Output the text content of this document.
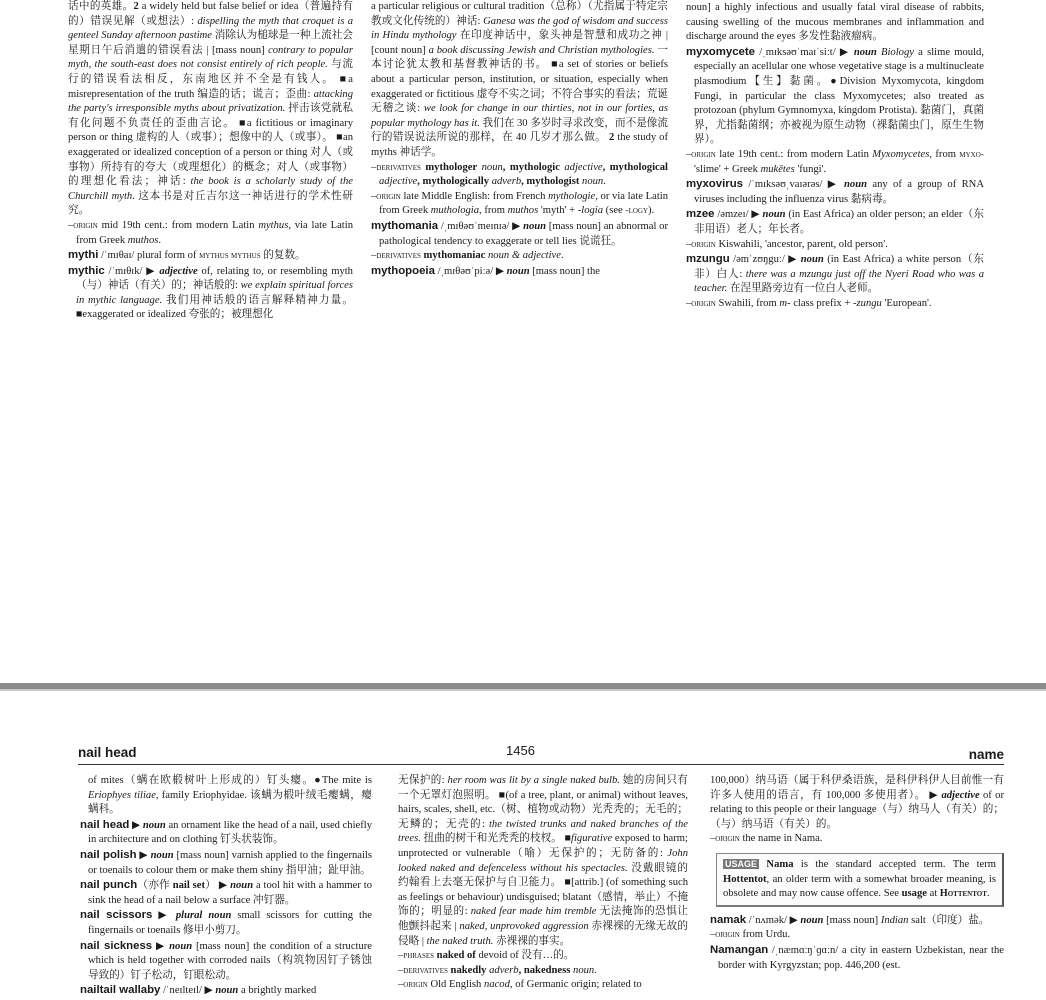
话中的英雄。2 a widely held but false belief or idea（普遍持有的）错误见解（或想法）: dispelling the myth that croquet is a genteel Sunday afternoon pastime 消除认为槌球是一种上流社会星期日午后消遣的错误看法 | [mass noun] contrary to popular myth, the south-east does not consist entirely of rich people. 与流行的错误看法相反，东南地区并不全是有钱人。 ■a misrepresentation of the truth 编造的话；谎言；歪曲: attacking the party's irresponsible myths about privatization. 抨击该党就私有化问题不负责任的歪曲言论。 ■a fictitious or imaginary person or thing 虚构的人（或事）；想像中的人（或事）。 ■an exaggerated or idealized conception of a person or thing 对人（或事物）所持有的夸大（或理想化）的概念；对人（或事物）的理想化看法；神话: the book is a scholarly study of the Churchill myth. 这本书是对丘吉尔这一神话进行的学术性研究。

–origin mid 19th cent.: from modern Latin mythus, via late Latin from Greek muthos.

mythi /ˈmɪθaɪ/ plural form of mythus mythus 的复数。

mythic /ˈmɪθɪk/ ▶ adjective of, relating to, or resembling myth（与）神话（有关）的；神话般的: we explain spiritual forces in mythic language. 我们用神话般的语言解释精神力量。 ■exaggerated or idealized 夸张的；被理想化

a particular religious or cultural tradition（总称）（尤指属于特定宗教或文化传统的）神话: Ganesa was the god of wisdom and success in Hindu mythology 在印度神话中，象头神是智慧和成功之神 | [count noun] a book discussing Jewish and Christian mythologies. 一本讨论犹太教和基督教神话的书。 ■a set of stories or beliefs about a particular person, institution, or situation, especially when exaggerated or fictitious 虚夸不实之词；不符合事实的看法；荒诞无稽之谈: we look for change in our thirties, not in our forties, as popular mythology has it. 我们在 30 多岁时寻求改变，而不是像流行的错误说法所说的那样，在 40 几岁才那么做。 2 the study of myths 神话学。

–derivatives mythologer noun, mythologic adjective, mythological adjective, mythologically adverb, mythologist noun.

–origin late Middle English: from French mythologie, or via late Latin from Greek muthologia, from muthos 'myth' + -logia (see -logy).

mythomania /ˌmɪθəʊˈmeɪnɪə/ ▶ noun [mass noun] an abnormal or pathological tendency to exaggerate or tell lies 说谎狂。

–derivatives mythomaniac noun & adjective.

mythopoeia /ˌmɪθəʊˈpiːə/ ▶ noun [mass noun] the

noun] a highly infectious and usually fatal viral disease of rabbits, causing swelling of the mucous membranes and inflammation and discharge around the eyes 多发性黏液瘤病。

myxomycete /ˌmɪksəʊˈmaɪˈsiːt/ ▶ noun Biology a slime mould, especially an acellular one whose vegetative stage is a multinucleate plasmodium【生】黏菌。●Division Myxomycota, kingdom Fungi, in particular the class Myxomycetes; also treated as protozoan (phylum Gymnomyxa, kingdom Protista). 黏菌门，真菌界，尤指黏菌纲；亦被视为原生动物（裸黏菌虫门，原生生物界）。

–origin late 19th cent.: from modern Latin Myxomycetes, from myxo- 'slime' + Greek mukētes 'fungi'.

myxovirus /ˈmɪksəʊˌvaɪərəs/ ▶ noun any of a group of RNA viruses including the influenza virus 黏病毒。

mzee /əmzeɪ/ ▶ noun (in East Africa) an older person; an elder（东非用语）老人；年长者。

–origin Kiswahili, 'ancestor, parent, old person'.

mzungu /əmˈzʊŋguː/ ▶ noun (in East Africa) a white person（东非）白人: there was a mzungu just off the Nyeri Road who was a teacher. 在涅里路旁边有一位白人老师。

–origin Swahili, from m- class prefix + -zungu 'European'.

nail head	1456	name

of mites（螨在欧椴树叶上形成的）钉头瘿。●The mite is Eriophyes tiliae, family Eriophyidae. 该螨为椴叶绒毛瘿螨，瘿螨科。

nail head ▶ noun an ornament like the head of a nail, used chiefly in architecture and on clothing 钉头状装饰。

nail polish ▶ noun [mass noun] varnish applied to the fingernails or toenails to colour them or make them shiny 指甲油；趾甲油。

nail punch（亦作 nail set） ▶ noun a tool hit with a hammer to sink the head of a nail below a surface 冲钉器。

nail scissors ▶ plural noun small scissors for cutting the fingernails or toenails 修甲小剪刀。

nail sickness ▶ noun [mass noun] the condition of a structure which is held together with corroded nails（构筑物因钉子锈蚀导致的）钉子松动，钉眼松动。

nailtail wallaby /ˈneɪlteɪl/ ▶ noun a brightly marked

无保护的: her room was lit by a single naked bulb. 她的房间只有一个无罩灯泡照明。 ■(of a tree, plant, or animal) without leaves, hairs, scales, shell, etc.（树、植物或动物）光秃秃的；无毛的；无鳞的；无壳的: the twisted trunks and naked branches of the trees. 扭曲的树干和光秃秃的枝杈。 ■figurative exposed to harm; unprotected or vulnerable（喻）无保护的；无防备的: John looked naked and defenceless without his spectacles. 没戴眼镜的约翰看上去毫无保护与自卫能力。 ■[attrib.] (of something such as feelings or behaviour) undisguised; blatant（感情，举止）不掩饰的；明显的: naked fear made him tremble 无法掩饰的恐惧让他颤抖起来 | naked, unprovoked aggression 赤裸裸的无缘无故的侵略 | the naked truth. 赤裸裸的事实。

–phrases naked of devoid of 没有…的。

–derivatives nakedly adverb, nakedness noun.

–origin Old English nacod, of Germanic origin; related to

100,000）纳马语（属于科伊桑语族，是科伊科伊人目前惟一有许多人使用的语言，有 100,000 多使用者）。 ▶ adjective of or relating to this people or their language（与）纳马人（有关）的；（与）纳马语（有关）的。

–origin the name in Nama.

USAGE Nama is the standard accepted term. The term Hottentot, an older term with a somewhat broader meaning, is obsolete and may now cause offence. See usage at Hottentot.

namak /ˈnʌmək/ ▶ noun [mass noun] Indian salt（印度）盐。

–origin from Urdu.

Namangan /ˌnæmɑːŋˈɡɑːn/ a city in eastern Uzbekistan, near the border with Kyrgyzstan; pop. 446,200 (est.
